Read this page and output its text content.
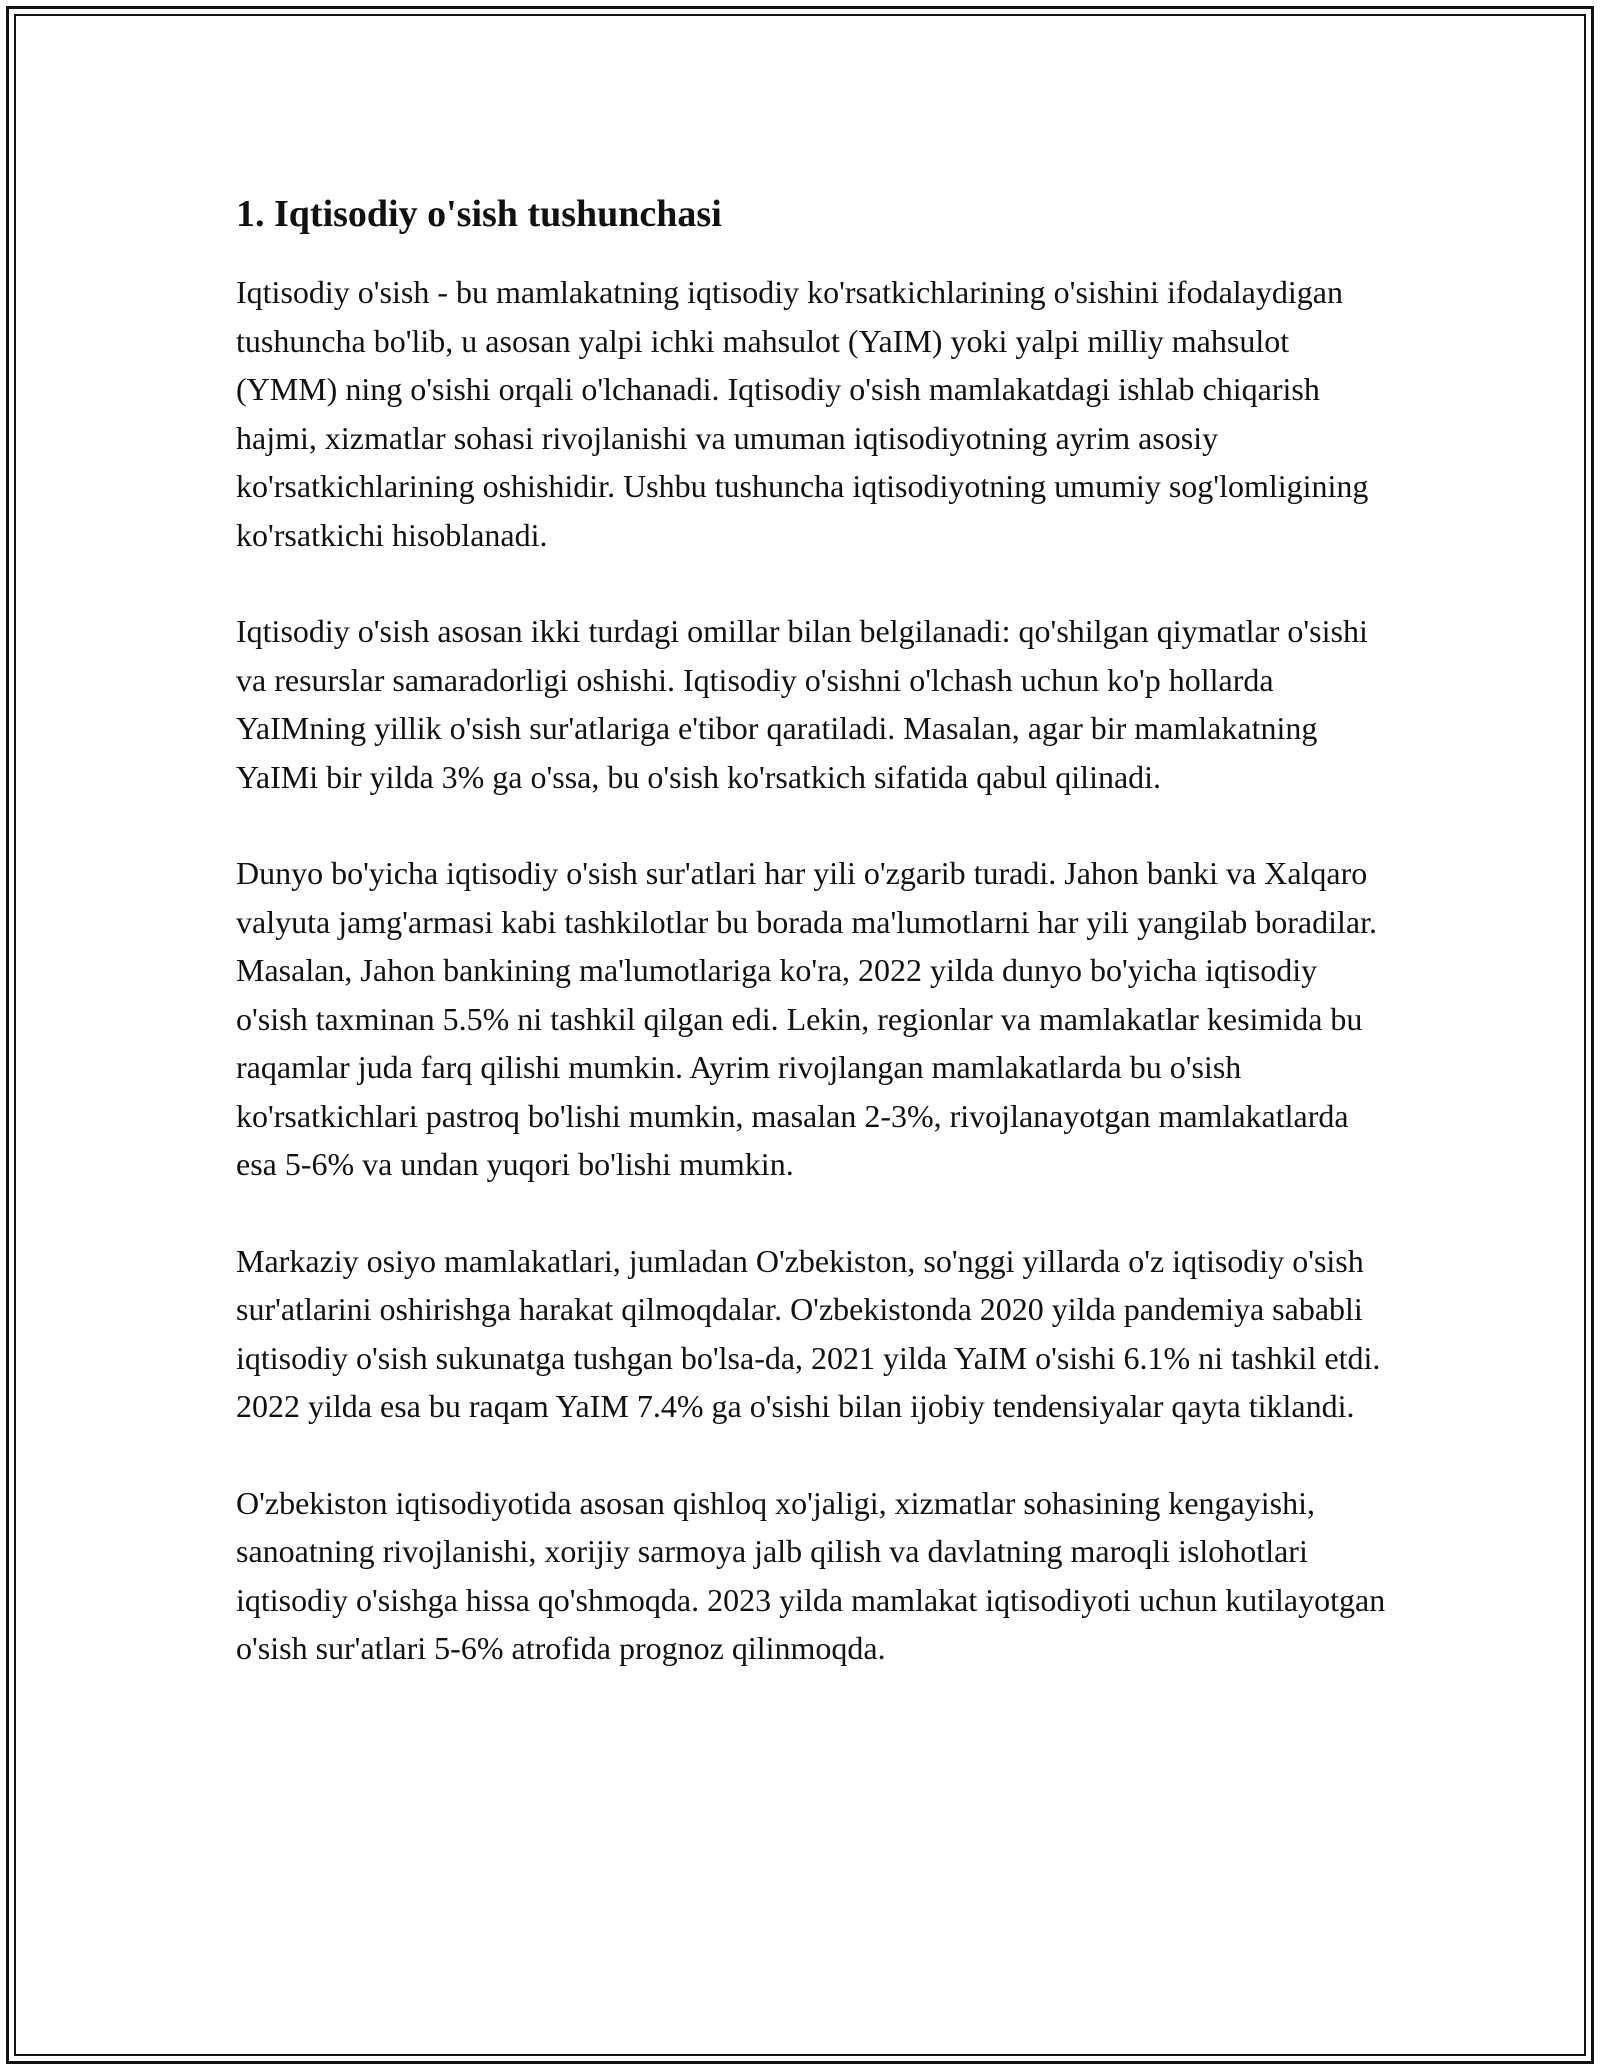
1. Iqtisodiy o'sish tushunchasi

Iqtisodiy o'sish - bu mamlakatning iqtisodiy ko'rsatkichlarining o'sishini ifodalaydigan tushuncha bo'lib, u asosan yalpi ichki mahsulot (YaIM) yoki yalpi milliy mahsulot (YMM) ning o'sishi orqali o'lchanadi. Iqtisodiy o'sish mamlakatdagi ishlab chiqarish hajmi, xizmatlar sohasi rivojlanishi va umuman iqtisodiyotning ayrim asosiy ko'rsatkichlarining oshishidir. Ushbu tushuncha iqtisodiyotning umumiy sog'lomligining ko'rsatkichi hisoblanadi.

Iqtisodiy o'sish asosan ikki turdagi omillar bilan belgilanadi: qo'shilgan qiymatlar o'sishi va resurslar samaradorligi oshishi. Iqtisodiy o'sishni o'lchash uchun ko'p hollarda YaIMning yillik o'sish sur'atlariga e'tibor qaratiladi. Masalan, agar bir mamlakatning YaIMi bir yilda 3% ga o'ssa, bu o'sish ko'rsatkich sifatida qabul qilinadi.

Dunyo bo'yicha iqtisodiy o'sish sur'atlari har yili o'zgarib turadi. Jahon banki va Xalqaro valyuta jamg'armasi kabi tashkilotlar bu borada ma'lumotlarni har yili yangilab boradilar. Masalan, Jahon bankining ma'lumotlariga ko'ra, 2022 yilda dunyo bo'yicha iqtisodiy o'sish taxminan 5.5% ni tashkil qilgan edi. Lekin, regionlar va mamlakatlar kesimida bu raqamlar juda farq qilishi mumkin. Ayrim rivojlangan mamlakatlarda bu o'sish ko'rsatkichlari pastroq bo'lishi mumkin, masalan 2-3%, rivojlanayotgan mamlakatlarda esa 5-6% va undan yuqori bo'lishi mumkin.

Markaziy osiyo mamlakatlari, jumladan O'zbekiston, so'nggi yillarda o'z iqtisodiy o'sish sur'atlarini oshirishga harakat qilmoqdalar. O'zbekistonda 2020 yilda pandemiya sababli iqtisodiy o'sish sukunatga tushgan bo'lsa-da, 2021 yilda YaIM o'sishi 6.1% ni tashkil etdi. 2022 yilda esa bu raqam YaIM 7.4% ga o'sishi bilan ijobiy tendensiyalar qayta tiklandi.

O'zbekiston iqtisodiyotida asosan qishloq xo'jaligi, xizmatlar sohasining kengayishi, sanoatning rivojlanishi, xorijiy sarmoya jalb qilish va davlatning maroqli islohotlari iqtisodiy o'sishga hissa qo'shmoqda. 2023 yilda mamlakat iqtisodiyoti uchun kutilayotgan o'sish sur'atlari 5-6% atrofida prognoz qilinmoqda.
